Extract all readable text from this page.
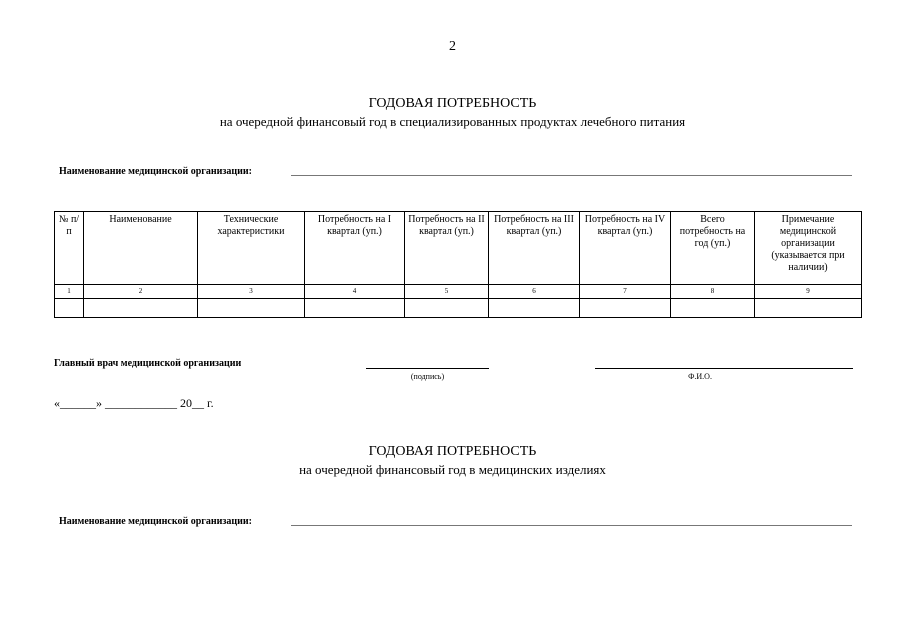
2
ГОДОВАЯ ПОТРЕБНОСТЬ
на очередной финансовый год в специализированных продуктах лечебного питания
Наименование медицинской организации:
№ п/п	Наименование	Технические характеристики	Потребность на I квартал (уп.)	Потребность на II квартал (уп.)	Потребность на III квартал (уп.)	Потребность на IV квартал (уп.)	Всего потребность на год (уп.)	Примечание медицинской организации (указывается при наличии)
1	2	3	4	5	6	7	8	9

Главный врач медицинской организации
(подпись)	Ф.И.О.
«______» ____________ 20__ г.
ГОДОВАЯ ПОТРЕБНОСТЬ
на очередной финансовый год в медицинских изделиях
Наименование медицинской организации:
